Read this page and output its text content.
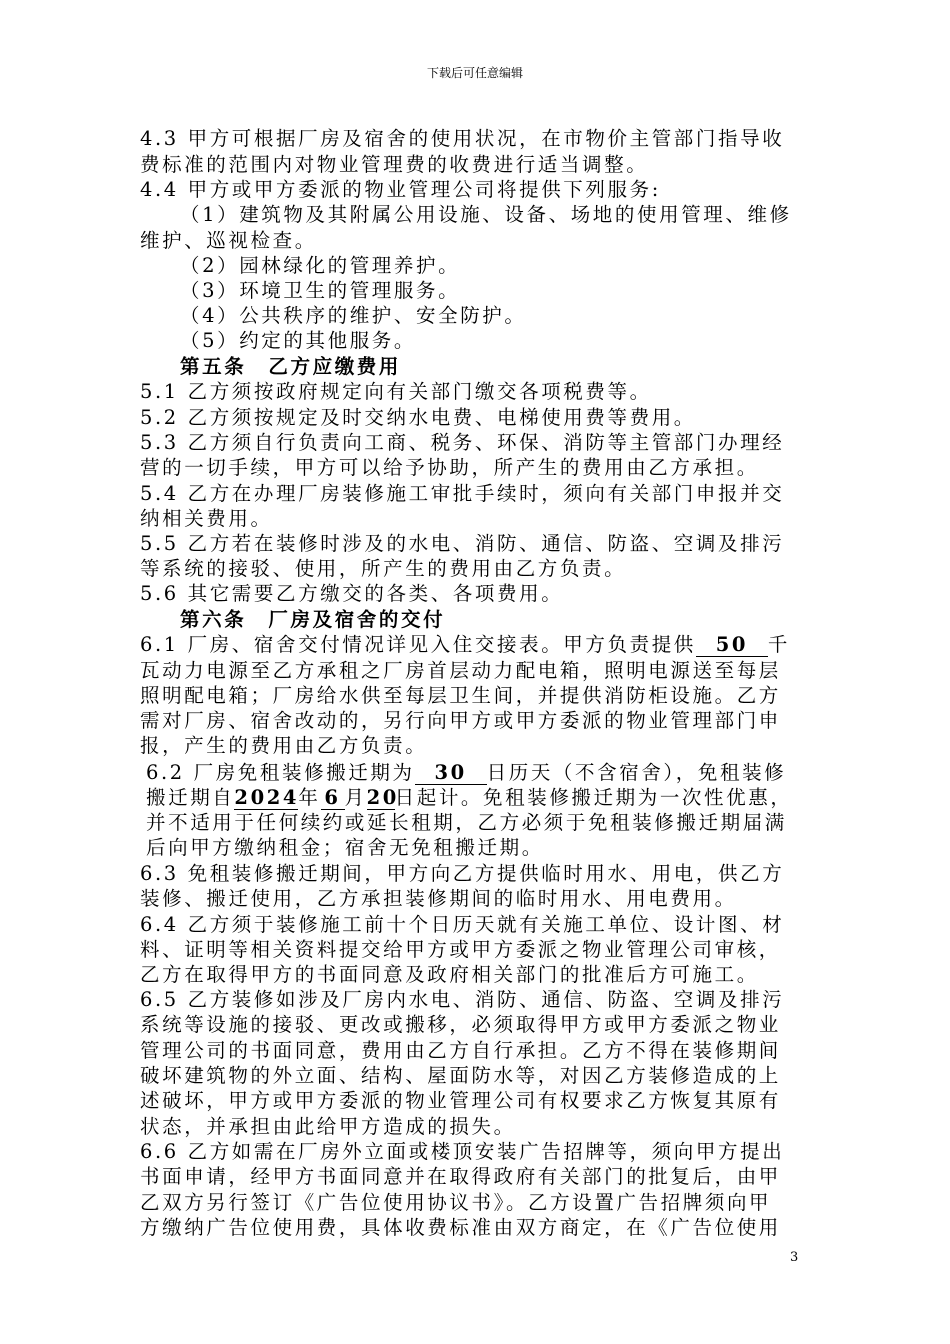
下载后可任意编辑
4.3 甲方可根据厂房及宿舍的使用状况，在市物价主管部门指导收
费标准的范围内对物业管理费的收费进行适当调整。
4.4 甲方或甲方委派的物业管理公司将提供下列服务:
（1）建筑物及其附属公用设施、设备、场地的使用管理、维修
维护、巡视检查。
（2）园林绿化的管理养护。
（3）环境卫生的管理服务。
（4）公共秩序的维护、安全防护。
（5）约定的其他服务。
第五条　乙方应缴费用
5.1 乙方须按政府规定向有关部门缴交各项税费等。
5.2 乙方须按规定及时交纳水电费、电梯使用费等费用。
5.3 乙方须自行负责向工商、税务、环保、消防等主管部门办理经
营的一切手续，甲方可以给予协助，所产生的费用由乙方承担。
5.4 乙方在办理厂房装修施工审批手续时，须向有关部门申报并交
纳相关费用。
5.5 乙方若在装修时涉及的水电、消防、通信、防盗、空调及排污
等系统的接驳、使用，所产生的费用由乙方负责。
5.6 其它需要乙方缴交的各类、各项费用。
第六条　厂房及宿舍的交付
6.1 厂房、宿舍交付情况详见入住交接表。甲方负责提供 50 千
瓦动力电源至乙方承租之厂房首层动力配电箱，照明电源送至每层
照明配电箱；厂房给水供至每层卫生间，并提供消防柜设施。乙方
需对厂房、宿舍改动的，另行向甲方或甲方委派的物业管理部门申
报，产生的费用由乙方负责。
6.2 厂房免租装修搬迁期为 30 日历天（不含宿舍），免租装修
搬迁期自2024年 6 月20日起计。免租装修搬迁期为一次性优惠，
并不适用于任何续约或延长租期，乙方必须于免租装修搬迁期届满
后向甲方缴纳租金；宿舍无免租搬迁期。
6.3 免租装修搬迁期间，甲方向乙方提供临时用水、用电，供乙方
装修、搬迁使用，乙方承担装修期间的临时用水、用电费用。
6.4 乙方须于装修施工前十个日历天就有关施工单位、设计图、材
料、证明等相关资料提交给甲方或甲方委派之物业管理公司审核，
乙方在取得甲方的书面同意及政府相关部门的批准后方可施工。
6.5 乙方装修如涉及厂房内水电、消防、通信、防盗、空调及排污
系统等设施的接驳、更改或搬移，必须取得甲方或甲方委派之物业
管理公司的书面同意，费用由乙方自行承担。乙方不得在装修期间
破坏建筑物的外立面、结构、屋面防水等，对因乙方装修造成的上
述破坏，甲方或甲方委派的物业管理公司有权要求乙方恢复其原有
状态，并承担由此给甲方造成的损失。
6.6 乙方如需在厂房外立面或楼顶安装广告招牌等，须向甲方提出
书面申请，经甲方书面同意并在取得政府有关部门的批复后，由甲
乙双方另行签订《广告位使用协议书》。乙方设置广告招牌须向甲
方缴纳广告位使用费，具体收费标准由双方商定，在《广告位使用
3
